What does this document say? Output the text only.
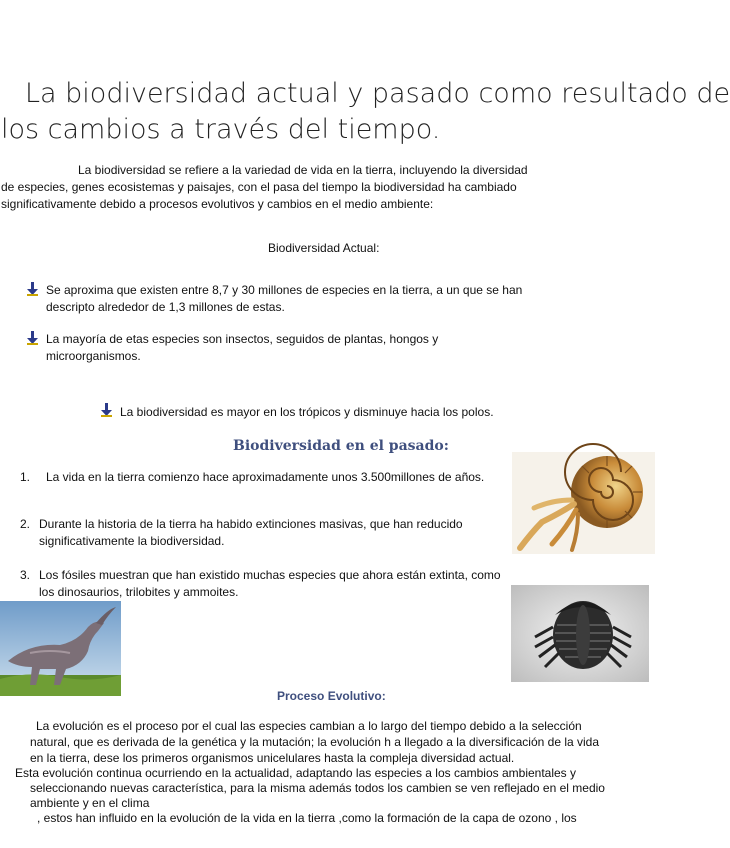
La biodiversidad actual y pasado como resultado de
los cambios a través del tiempo.
La biodiversidad se refiere a la variedad de vida en la tierra, incluyendo la diversidad
de especies, genes ecosistemas y paisajes, con el pasa del tiempo la biodiversidad ha cambiado
significativamente debido a procesos evolutivos y cambios en el medio ambiente:
Biodiversidad Actual:
Se aproxima que existen entre 8,7 y 30 millones de especies en la tierra, a un que se han
descripto alrededor de 1,3 millones de estas.
La mayoría de etas especies son insectos, seguidos de plantas, hongos y
microorganismos.
La biodiversidad es mayor en los trópicos y disminuye hacia los polos.
Biodiversidad en el pasado:
1. La vida en la tierra comienzo hace aproximadamente unos 3.500millones de años.
2. Durante la historia de la tierra ha habido extinciones masivas, que han reducido
significativamente la biodiversidad.
3. Los fósiles muestran que han existido muchas especies que ahora están extinta, como
los dinosaurios, trilobites y ammoites.
Proceso Evolutivo:
La evolución es el proceso por el cual las especies cambian a lo largo del tiempo debido a la selección
natural, que es derivada de la genética y la mutación; la evolución h a llegado a la diversificación de la vida
en la tierra, dese los primeros organismos unicelulares hasta la compleja diversidad actual.
Esta evolución continua ocurriendo en la actualidad, adaptando las especies a los cambios ambientales y
seleccionando nuevas característica, para la misma además todos los cambien se ven reflejado en el medio
ambiente y en el clima
, estos han influido en la evolución de la vida en la tierra ,como la formación de la capa de ozono , los
